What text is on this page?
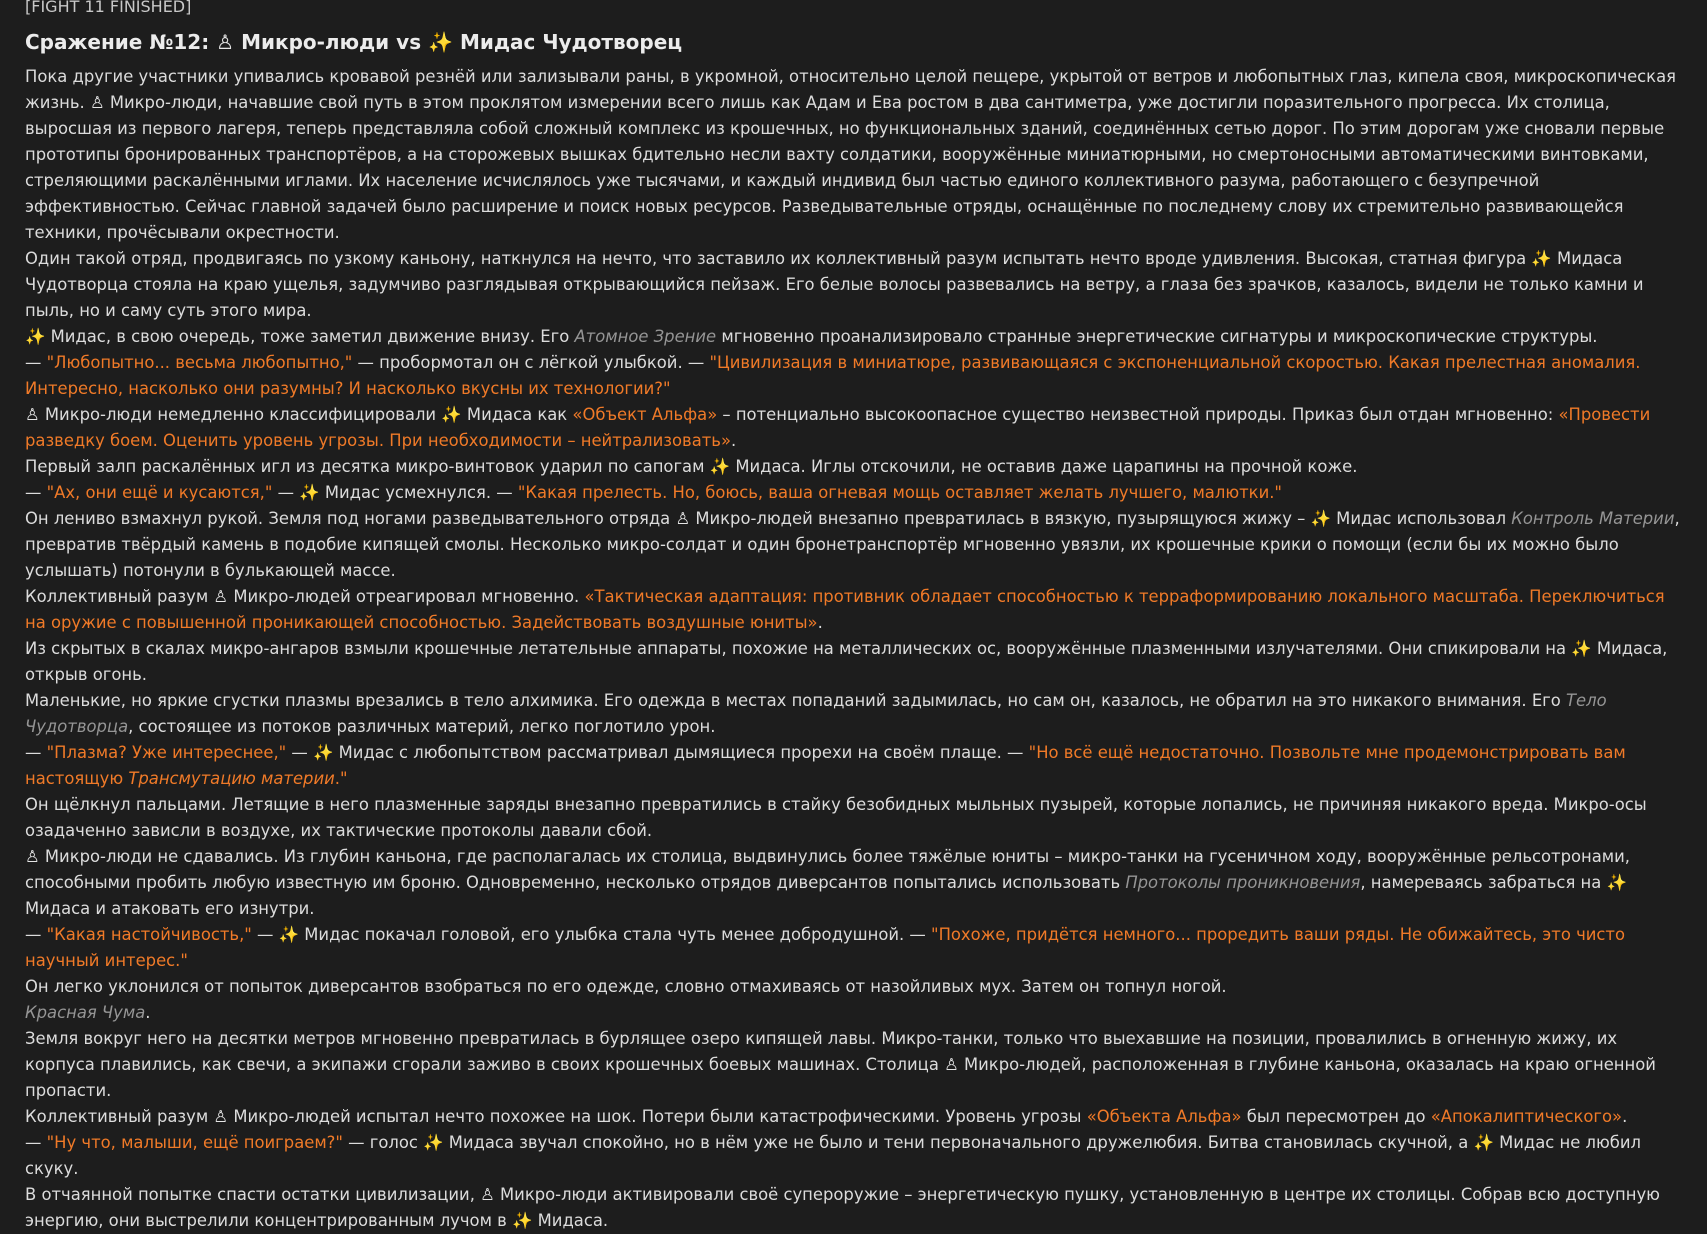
[FIGHT 11 FINISHED]
Сражение №12: ♙ Микро-люди vs ✨ Мидас Чудотворец

Пока другие участники упивались кровавой резнёй или зализывали раны, в укромной, относительно целой пещере, укрытой от ветров и любопытных глаз, кипела своя, микроскопическая жизнь. ♙ Микро-люди, начавшие свой путь в этом проклятом измерении всего лишь как Адам и Ева ростом в два сантиметра, уже достигли поразительного прогресса. Их столица, выросшая из первого лагеря, теперь представляла собой сложный комплекс из крошечных, но функциональных зданий, соединённых сетью дорог. По этим дорогам уже сновали первые прототипы бронированных транспортёров, а на сторожевых вышках бдительно несли вахту солдатики, вооружённые миниатюрными, но смертоносными автоматическими винтовками, стреляющими раскалёнными иглами. Их население исчислялось уже тысячами, и каждый индивид был частью единого коллективного разума, работающего с безупречной эффективностью. Сейчас главной задачей было расширение и поиск новых ресурсов. Разведывательные отряды, оснащённые по последнему слову их стремительно развивающейся техники, прочёсывали окрестности.

Один такой отряд, продвигаясь по узкому каньону, наткнулся на нечто, что заставило их коллективный разум испытать нечто вроде удивления. Высокая, статная фигура ✨ Мидаса Чудотворца стояла на краю ущелья, задумчиво разглядывая открывающийся пейзаж. Его белые волосы развевались на ветру, а глаза без зрачков, казалось, видели не только камни и пыль, но и саму суть этого мира.

✨ Мидас, в свою очередь, тоже заметил движение внизу. Его Атомное Зрение мгновенно проанализировало странные энергетические сигнатуры и микроскопические структуры.

— "Любопытно... весьма любопытно," — пробормотал он с лёгкой улыбкой. — "Цивилизация в миниатюре, развивающаяся с экспоненциальной скоростью. Какая прелестная аномалия. Интересно, насколько они разумны? И насколько вкусны их технологии?"

♙ Микро-люди немедленно классифицировали ✨ Мидаса как «Объект Альфа» – потенциально высокоопасное существо неизвестной природы. Приказ был отдан мгновенно: «Провести разведку боем. Оценить уровень угрозы. При необходимости – нейтрализовать».

Первый залп раскалённых игл из десятка микро-винтовок ударил по сапогам ✨ Мидаса. Иглы отскочили, не оставив даже царапины на прочной коже.

— "Ах, они ещё и кусаются," — ✨ Мидас усмехнулся. — "Какая прелесть. Но, боюсь, ваша огневая мощь оставляет желать лучшего, малютки."

Он лениво взмахнул рукой. Земля под ногами разведывательного отряда ♙ Микро-людей внезапно превратилась в вязкую, пузырящуюся жижу – ✨ Мидас использовал Контроль Материи, превратив твёрдый камень в подобие кипящей смолы. Несколько микро-солдат и один бронетранспортёр мгновенно увязли, их крошечные крики о помощи (если бы их можно было услышать) потонули в булькающей массе.

Коллективный разум ♙ Микро-людей отреагировал мгновенно. «Тактическая адаптация: противник обладает способностью к терраформированию локального масштаба. Переключиться на оружие с повышенной проникающей способностью. Задействовать воздушные юниты».

Из скрытых в скалах микро-ангаров взмыли крошечные летательные аппараты, похожие на металлических ос, вооружённые плазменными излучателями. Они спикировали на ✨ Мидаса, открыв огонь.

Маленькие, но яркие сгустки плазмы врезались в тело алхимика. Его одежда в местах попаданий задымилась, но сам он, казалось, не обратил на это никакого внимания. Его Тело Чудотворца, состоящее из потоков различных материй, легко поглотило урон.

— "Плазма? Уже интереснее," — ✨ Мидас с любопытством рассматривал дымящиеся прорехи на своём плаще. — "Но всё ещё недостаточно. Позвольте мне продемонстрировать вам настоящую Трансмутацию материи."

Он щёлкнул пальцами. Летящие в него плазменные заряды внезапно превратились в стайку безобидных мыльных пузырей, которые лопались, не причиняя никакого вреда. Микро-осы озадаченно зависли в воздухе, их тактические протоколы давали сбой.

♙ Микро-люди не сдавались. Из глубин каньона, где располагалась их столица, выдвинулись более тяжёлые юниты – микро-танки на гусеничном ходу, вооружённые рельсотронами, способными пробить любую известную им броню. Одновременно, несколько отрядов диверсантов попытались использовать Протоколы проникновения, намереваясь забраться на ✨ Мидаса и атаковать его изнутри.

— "Какая настойчивость," — ✨ Мидас покачал головой, его улыбка стала чуть менее добродушной. — "Похоже, придётся немного... проредить ваши ряды. Не обижайтесь, это чисто научный интерес."

Он легко уклонился от попыток диверсантов взобраться по его одежде, словно отмахиваясь от назойливых мух. Затем он топнул ногой.

Красная Чума.

Земля вокруг него на десятки метров мгновенно превратилась в бурлящее озеро кипящей лавы. Микро-танки, только что выехавшие на позиции, провалились в огненную жижу, их корпуса плавились, как свечи, а экипажи сгорали заживо в своих крошечных боевых машинах. Столица ♙ Микро-людей, расположенная в глубине каньона, оказалась на краю огненной пропасти.

Коллективный разум ♙ Микро-людей испытал нечто похожее на шок. Потери были катастрофическими. Уровень угрозы «Объекта Альфа» был пересмотрен до «Апокалиптического».

— "Ну что, малыши, ещё поиграем?" — голос ✨ Мидаса звучал спокойно, но в нём уже не было и тени первоначального дружелюбия. Битва становилась скучной, а ✨ Мидас не любил скуку.

В отчаянной попытке спасти остатки цивилизации, ♙ Микро-люди активировали своё супероружие – энергетическую пушку, установленную в центре их столицы. Собрав всю доступную энергию, они выстрелили концентрированным лучом в ✨ Мидаса.
